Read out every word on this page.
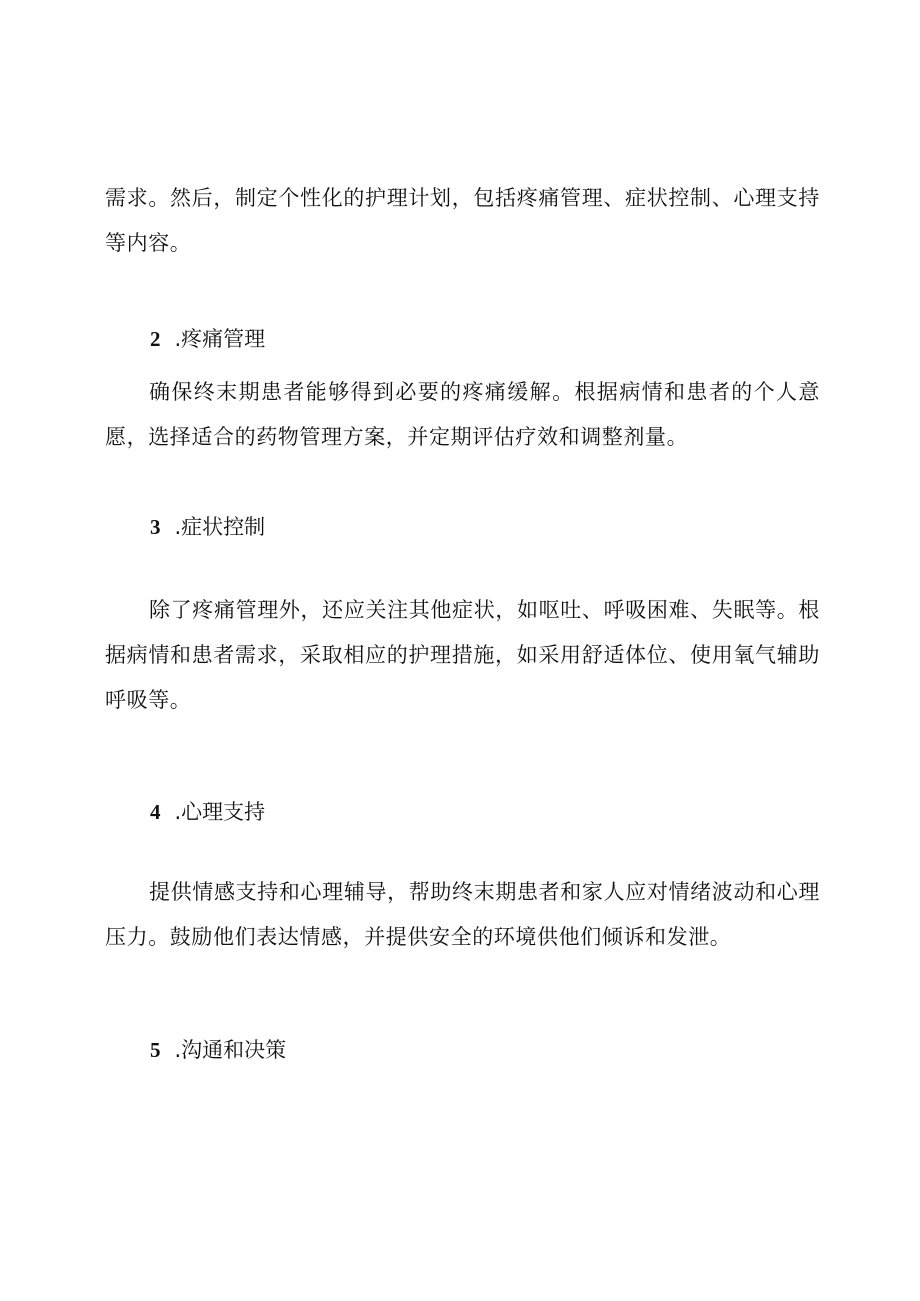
需求。然后，制定个性化的护理计划，包括疼痛管理、症状控制、心理支持等内容。

2 .疼痛管理

确保终末期患者能够得到必要的疼痛缓解。根据病情和患者的个人意愿，选择适合的药物管理方案，并定期评估疗效和调整剂量。

3 .症状控制

除了疼痛管理外，还应关注其他症状，如呕吐、呼吸困难、失眠等。根据病情和患者需求，采取相应的护理措施，如采用舒适体位、使用氧气辅助呼吸等。

4 .心理支持

提供情感支持和心理辅导，帮助终末期患者和家人应对情绪波动和心理压力。鼓励他们表达情感，并提供安全的环境供他们倾诉和发泄。

5 .沟通和决策
